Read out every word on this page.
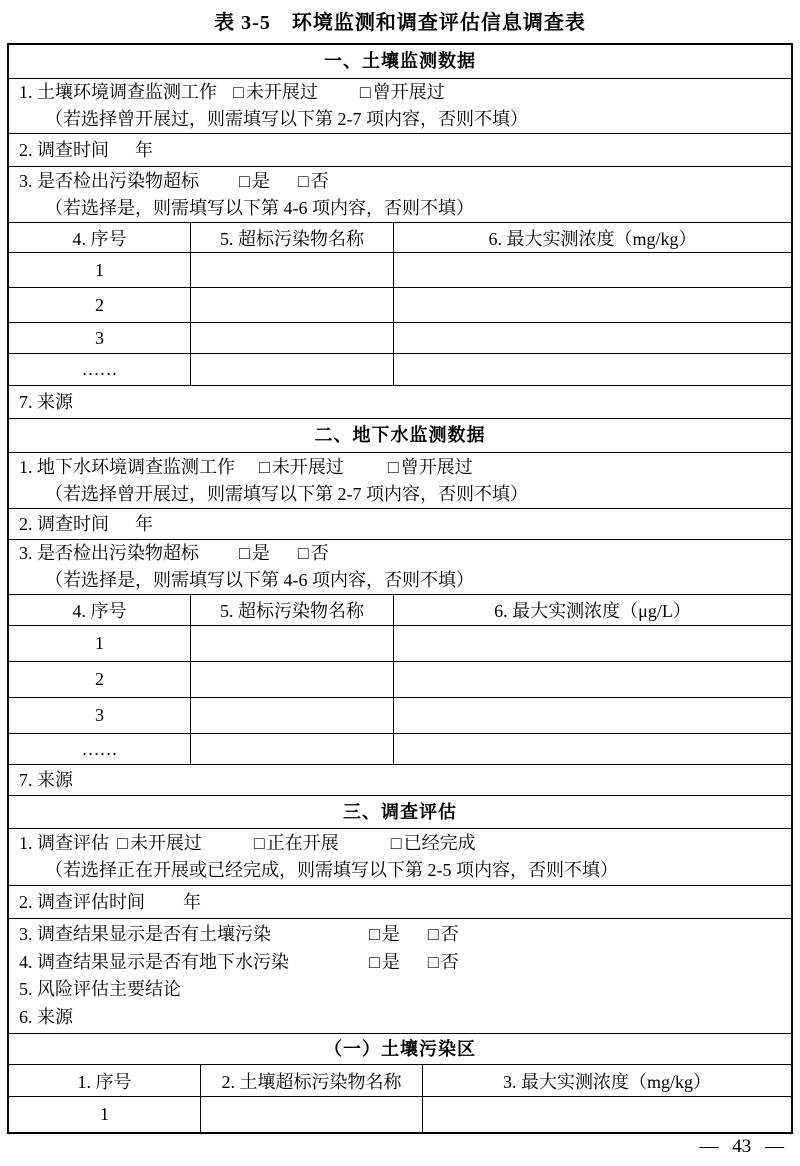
表 3-5　环境监测和调查评估信息调查表
一、土壤监测数据
1. 土壤环境调查监测工作 □ 未开展过 □ 曾开展过
（若选择曾开展过，则需填写以下第 2-7 项内容，否则不填）
2. 调查时间 年
3. 是否检出污染物超标 □ 是 □ 否
（若选择是，则需填写以下第 4-6 项内容，否则不填）
4. 序号	5. 超标污染物名称	6. 最大实测浓度（mg/kg）
1
2
3
……
7. 来源
二、地下水监测数据
1. 地下水环境调查监测工作 □ 未开展过 □ 曾开展过
（若选择曾开展过，则需填写以下第 2-7 项内容，否则不填）
2. 调查时间 年
3. 是否检出污染物超标 □ 是 □ 否
（若选择是，则需填写以下第 4-6 项内容，否则不填）
4. 序号	5. 超标污染物名称	6. 最大实测浓度（μg/L）
1
2
3
……
7. 来源
三、调查评估
1. 调查评估 □ 未开展过	□ 正在开展	□ 已经完成
（若选择正在开展或已经完成，则需填写以下第 2-5 项内容，否则不填）
2. 调查评估时间 年
3. 调查结果显示是否有土壤污染	□ 是 □ 否
4. 调查结果显示是否有地下水污染	□ 是 □ 否
5. 风险评估主要结论
6. 来源
（一）土壤污染区
1. 序号	2. 土壤超标污染物名称	3. 最大实测浓度（mg/kg）
1
— 43 —
